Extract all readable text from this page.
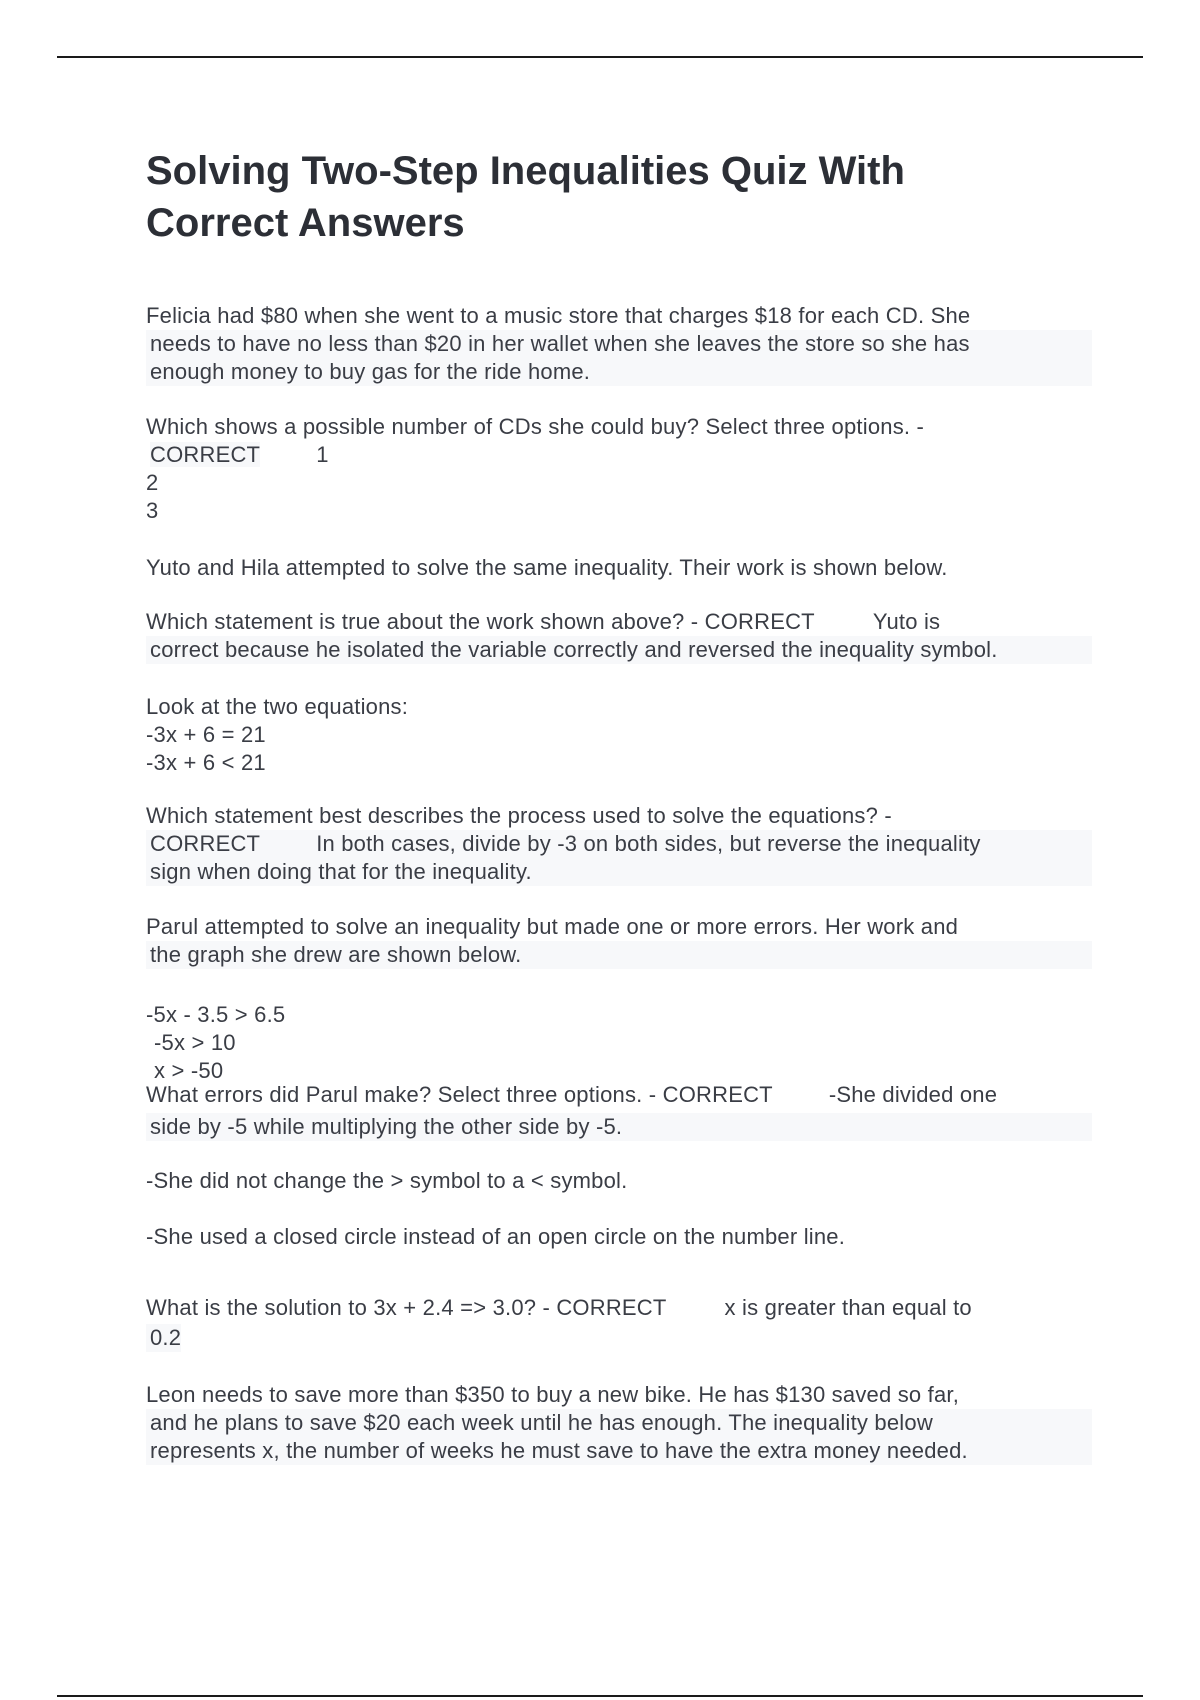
Solving Two-Step Inequalities Quiz With
Correct Answers
Felicia had $80 when she went to a music store that charges $18 for each CD. She
needs to have no less than $20 in her wallet when she leaves the store so she has
enough money to buy gas for the ride home.
Which shows a possible number of CDs she could buy? Select three options. -
CORRECT	1
2
3
Yuto and Hila attempted to solve the same inequality. Their work is shown below.
Which statement is true about the work shown above? - CORRECT	Yuto is
correct because he isolated the variable correctly and reversed the inequality symbol.
Look at the two equations:
-3x + 6 = 21
-3x + 6 < 21
Which statement best describes the process used to solve the equations? -
CORRECT	In both cases, divide by -3 on both sides, but reverse the inequality
sign when doing that for the inequality.
Parul attempted to solve an inequality but made one or more errors. Her work and
the graph she drew are shown below.
-5x - 3.5 > 6.5
-5x > 10
x > -50
What errors did Parul make? Select three options. - CORRECT	-She divided one
side by -5 while multiplying the other side by -5.
-She did not change the > symbol to a < symbol.
-She used a closed circle instead of an open circle on the number line.
What is the solution to 3x + 2.4 => 3.0? - CORRECT	x is greater than equal to
0.2
Leon needs to save more than $350 to buy a new bike. He has $130 saved so far,
and he plans to save $20 each week until he has enough. The inequality below
represents x, the number of weeks he must save to have the extra money needed.
